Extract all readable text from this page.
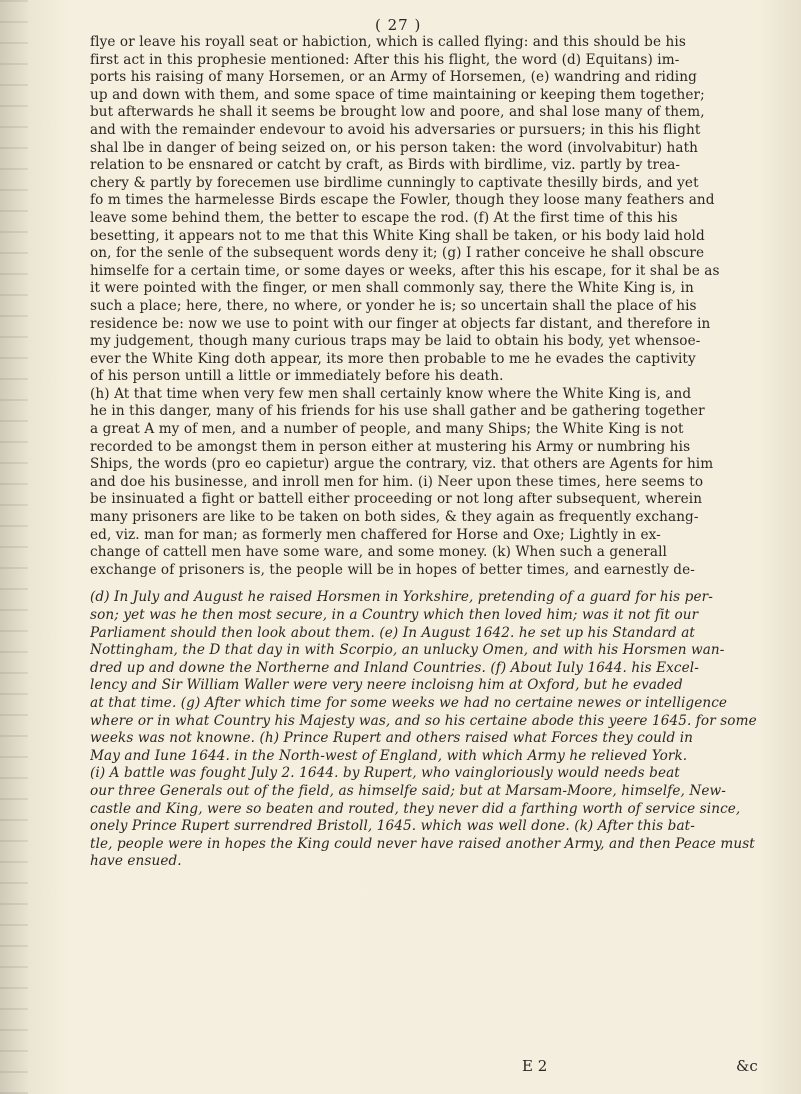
( 27 )
flye or leave his royall seat or habiction, which is called flying: and this should be his
first act in this prophesie mentioned: After this his flight, the word (d) Equitans) im-
ports his raising of many Horsemen, or an Army of Horsemen, (e) wandring and riding
up and down with them, and some space of time maintaining or keeping them together;
but afterwards he shall it seems be brought low and poore, and shal lose many of them,
and with the remainder endevour to avoid his adversaries or pursuers; in this his flight
shal lbe in danger of being seized on, or his person taken: the word (involvabitur) hath
relation to be ensnared or catcht by craft, as Birds with birdlime, viz. partly by trea-
chery & partly by forecemen use birdlime cunningly to captivate thesilly birds, and yet
fo m times the harmelesse Birds escape the Fowler, though they loose many feathers and
leave some behind them, the better to escape the rod. (f) At the first time of this his
besetting, it appears not to me that this White King shall be taken, or his body laid hold
on, for the senle of the subsequent words deny it; (g) I rather conceive he shall obscure
himselfe for a certain time, or some dayes or weeks, after this his escape, for it shal be as
it were pointed with the finger, or men shall commonly say, there the White King is, in
such a place; here, there, no where, or yonder he is; so uncertain shall the place of his
residence be: now we use to point with our finger at objects far distant, and therefore in
my judgement, though many curious traps may be laid to obtain his body, yet whensoe-
ever the White King doth appear, its more then probable to me he evades the captivity
of his person untill a little or immediately before his death.
(h) At that time when very few men shall certainly know where the White King is, and
he in this danger, many of his friends for his use shall gather and be gathering together
a great A my of men, and a number of people, and many Ships; the White King is not
recorded to be amongst them in person either at mustering his Army or numbring his
Ships, the words (pro eo capietur) argue the contrary, viz. that others are Agents for him
and doe his businesse, and inroll men for him. (i) Neer upon these times, here seems to
be insinuated a fight or battell either proceeding or not long after subsequent, wherein
many prisoners are like to be taken on both sides, & they again as frequently exchang-
ed, viz. man for man; as formerly men chaffered for Horse and Oxe; Lightly in ex-
change of cattell men have some ware, and some money. (k) When such a generall
exchange of prisoners is, the people will be in hopes of better times, and earnestly de-
(d) In July and August he raised Horsmen in Yorkshire, pretending of a guard for his per-
son; yet was he then most secure, in a Country which then loved him; was it not fit our
Parliament should then look about them. (e) In August 1642. he set up his Standard at
Nottingham, the D that day in with Scorpio, an unlucky Omen, and with his Horsmen wan-
dred up and downe the Northerne and Inland Countries. (f) About Iuly 1644. his Excel-
lency and Sir William Waller were very neere incloisng him at Oxford, but he evaded
at that time. (g) After which time for some weeks we had no certaine newes or intelligence
where or in what Country his Majesty was, and so his certaine abode this yeere 1645. for some
weeks was not knowne. (h) Prince Rupert and others raised what Forces they could in
May and Iune 1644. in the North-west of England, with which Army he relieved York.
(i) A battle was fought July 2. 1644. by Rupert, who vaingloriously would needs beat
our three Generals out of the field, as himselfe said; but at Marsam-Moore, himselfe, New-
castle and King, were so beaten and routed, they never did a farthing worth of service since,
onely Prince Rupert surrendred Bristoll, 1645. which was well done. (k) After this bat-
tle, people were in hopes the King could never have raised another Army, and then Peace must
have ensued.
E 2	&c
